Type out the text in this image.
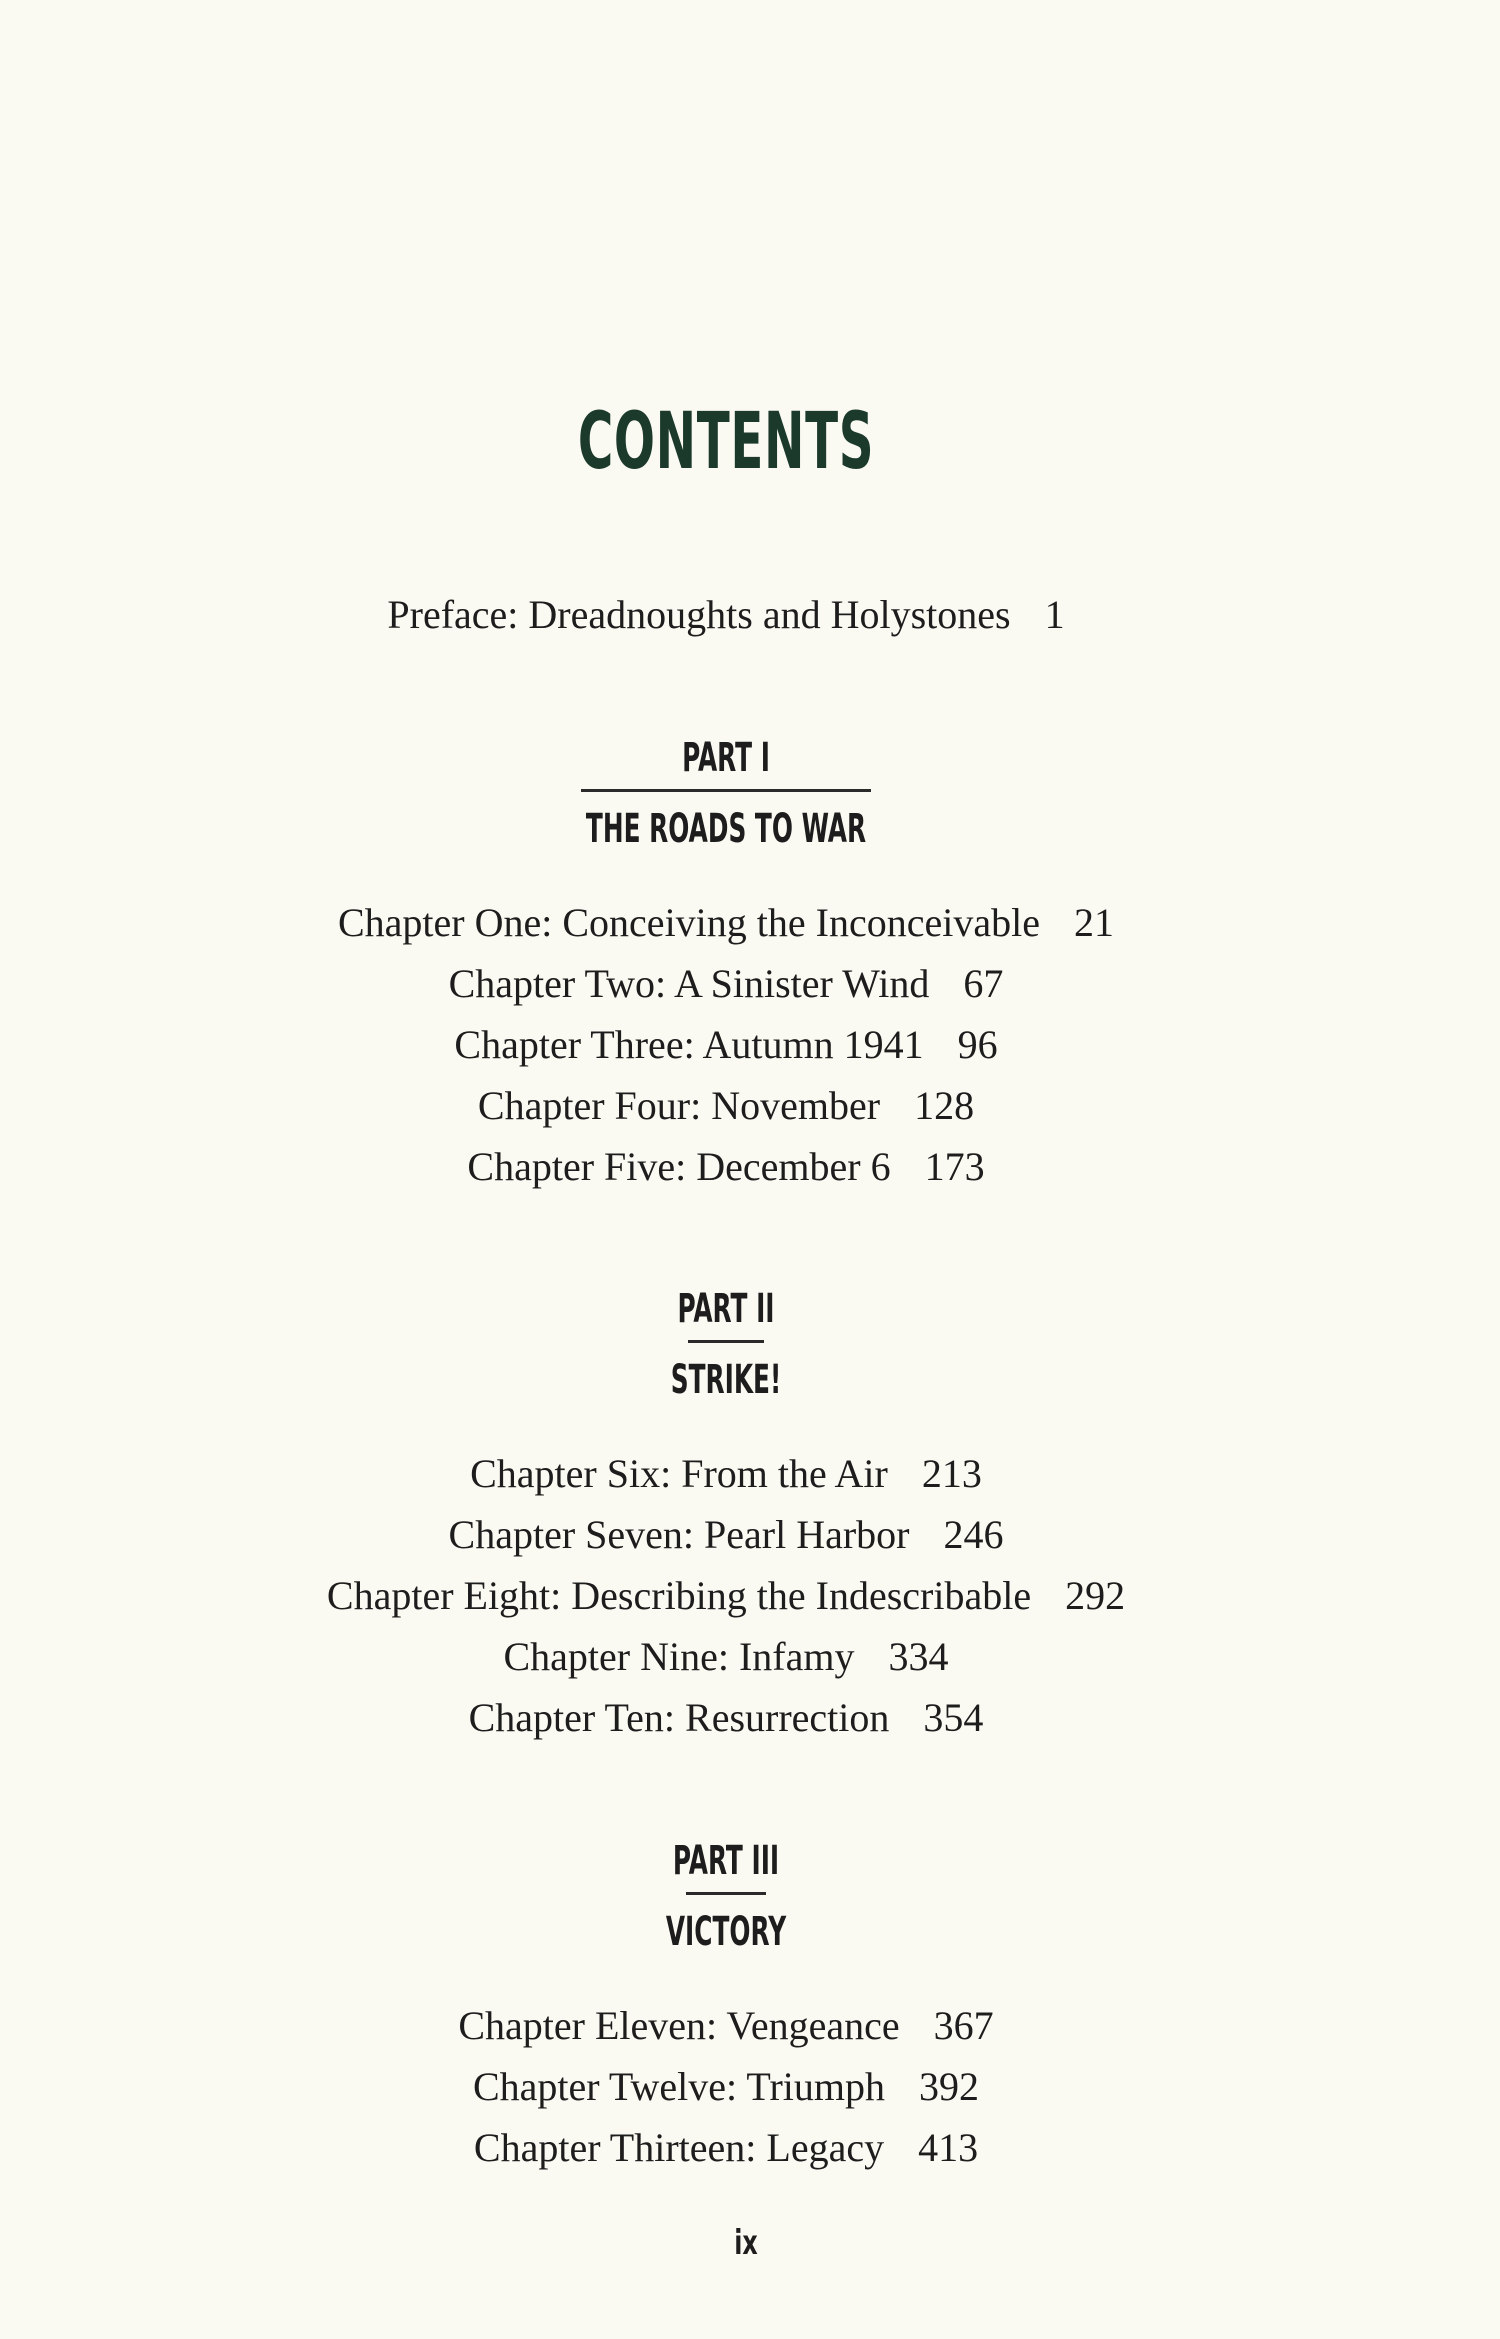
CONTENTS
Preface: Dreadnoughts and Holystones 1
PART I
THE ROADS TO WAR
Chapter One: Conceiving the Inconceivable 21
Chapter Two: A Sinister Wind 67
Chapter Three: Autumn 1941 96
Chapter Four: November 128
Chapter Five: December 6 173
PART II
STRIKE!
Chapter Six: From the Air 213
Chapter Seven: Pearl Harbor 246
Chapter Eight: Describing the Indescribable 292
Chapter Nine: Infamy 334
Chapter Ten: Resurrection 354
PART III
VICTORY
Chapter Eleven: Vengeance 367
Chapter Twelve: Triumph 392
Chapter Thirteen: Legacy 413
ix
